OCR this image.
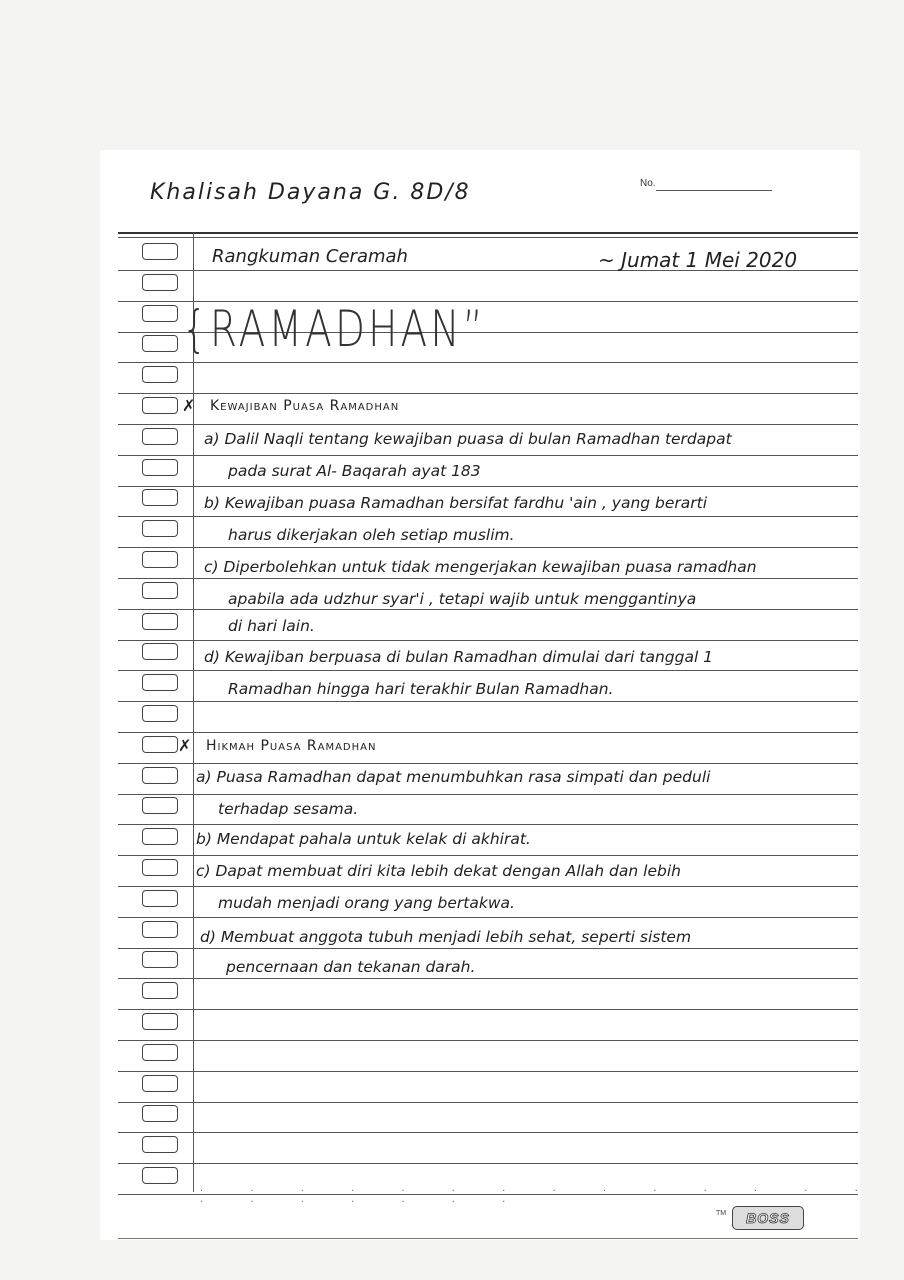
Khalisah Dayana G. 8D/8	No.
Rangkuman Ceramah	~ Jumat 1 Mei 2020
{RAMADHAN”
✗ Kewajiban Puasa Ramadhan
a) Dalil Naqli tentang kewajiban puasa di bulan Ramadhan terdapat
pada surat Al- Baqarah ayat 183
b) Kewajiban puasa Ramadhan bersifat fardhu 'ain , yang berarti
harus dikerjakan oleh setiap muslim.
c) Diperbolehkan untuk tidak mengerjakan kewajiban puasa ramadhan
apabila ada udzhur syar'i , tetapi wajib untuk menggantinya
di hari lain.
d) Kewajiban berpuasa di bulan Ramadhan dimulai dari tanggal 1
Ramadhan hingga hari terakhir Bulan Ramadhan.
✗ Hikmah Puasa Ramadhan
a) Puasa Ramadhan dapat menumbuhkan rasa simpati dan peduli
terhadap sesama.
b) Mendapat pahala untuk kelak di akhirat.
c) Dapat membuat diri kita lebih dekat dengan Allah dan lebih
mudah menjadi orang yang bertakwa.
d) Membuat anggota tubuh menjadi lebih sehat, seperti sistem
pencernaan dan tekanan darah.
· · · · · · · · · · · · · · · · · · · · ·
TM	BOSS
